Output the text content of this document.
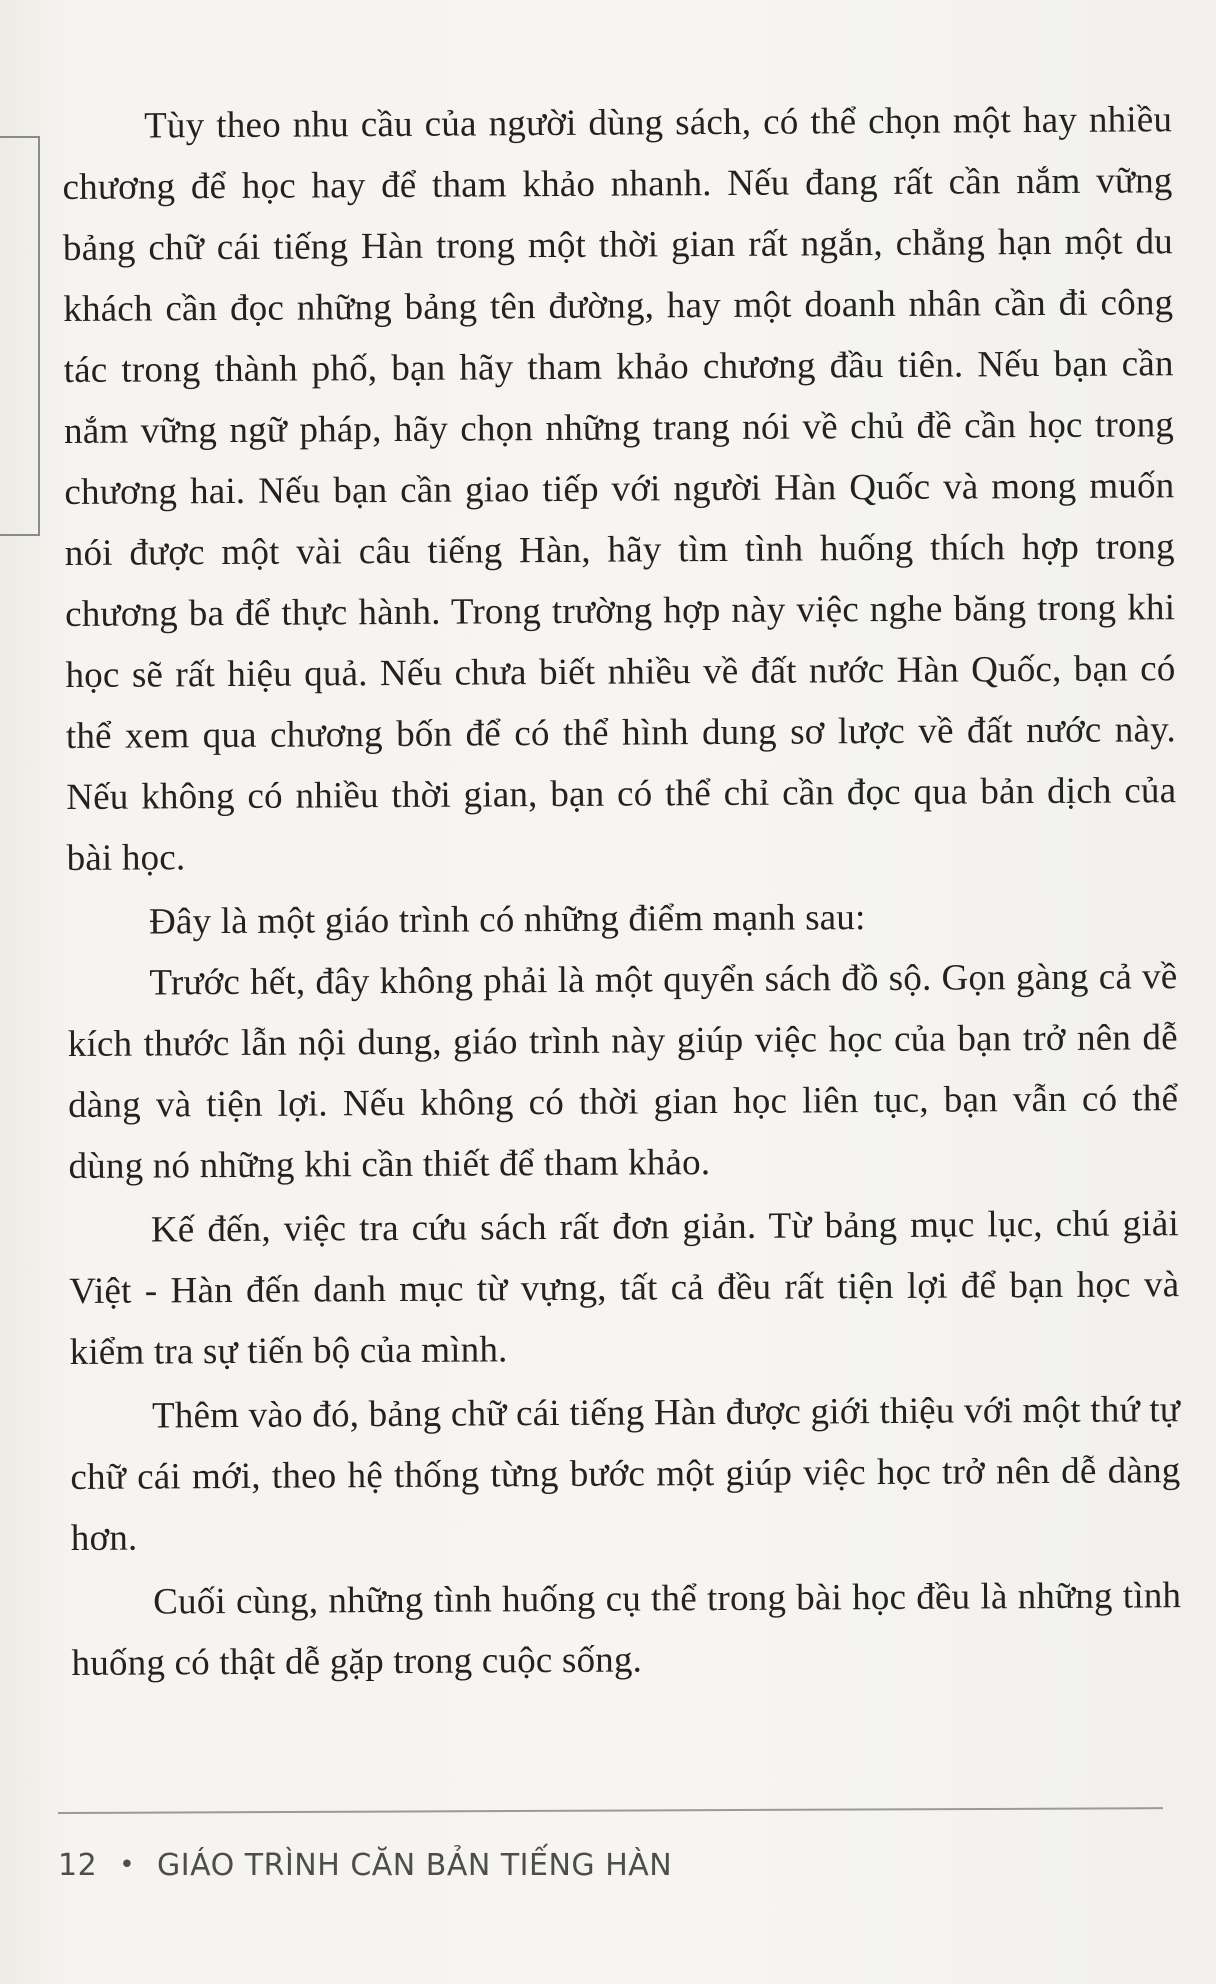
Tùy theo nhu cầu của người dùng sách, có thể chọn một hay nhiều chương để học hay để tham khảo nhanh. Nếu đang rất cần nắm vững bảng chữ cái tiếng Hàn trong một thời gian rất ngắn, chẳng hạn một du khách cần đọc những bảng tên đường, hay một doanh nhân cần đi công tác trong thành phố, bạn hãy tham khảo chương đầu tiên. Nếu bạn cần nắm vững ngữ pháp, hãy chọn những trang nói về chủ đề cần học trong chương hai. Nếu bạn cần giao tiếp với người Hàn Quốc và mong muốn nói được một vài câu tiếng Hàn, hãy tìm tình huống thích hợp trong chương ba để thực hành. Trong trường hợp này việc nghe băng trong khi học sẽ rất hiệu quả. Nếu chưa biết nhiều về đất nước Hàn Quốc, bạn có thể xem qua chương bốn để có thể hình dung sơ lược về đất nước này. Nếu không có nhiều thời gian, bạn có thể chỉ cần đọc qua bản dịch của bài học.

Đây là một giáo trình có những điểm mạnh sau:

Trước hết, đây không phải là một quyển sách đồ sộ. Gọn gàng cả về kích thước lẫn nội dung, giáo trình này giúp việc học của bạn trở nên dễ dàng và tiện lợi. Nếu không có thời gian học liên tục, bạn vẫn có thể dùng nó những khi cần thiết để tham khảo.

Kế đến, việc tra cứu sách rất đơn giản. Từ bảng mục lục, chú giải Việt - Hàn đến danh mục từ vựng, tất cả đều rất tiện lợi để bạn học và kiểm tra sự tiến bộ của mình.

Thêm vào đó, bảng chữ cái tiếng Hàn được giới thiệu với một thứ tự chữ cái mới, theo hệ thống từng bước một giúp việc học trở nên dễ dàng hơn.

Cuối cùng, những tình huống cụ thể trong bài học đều là những tình huống có thật dễ gặp trong cuộc sống.

12 • GIÁO TRÌNH CĂN BẢN TIẾNG HÀN
